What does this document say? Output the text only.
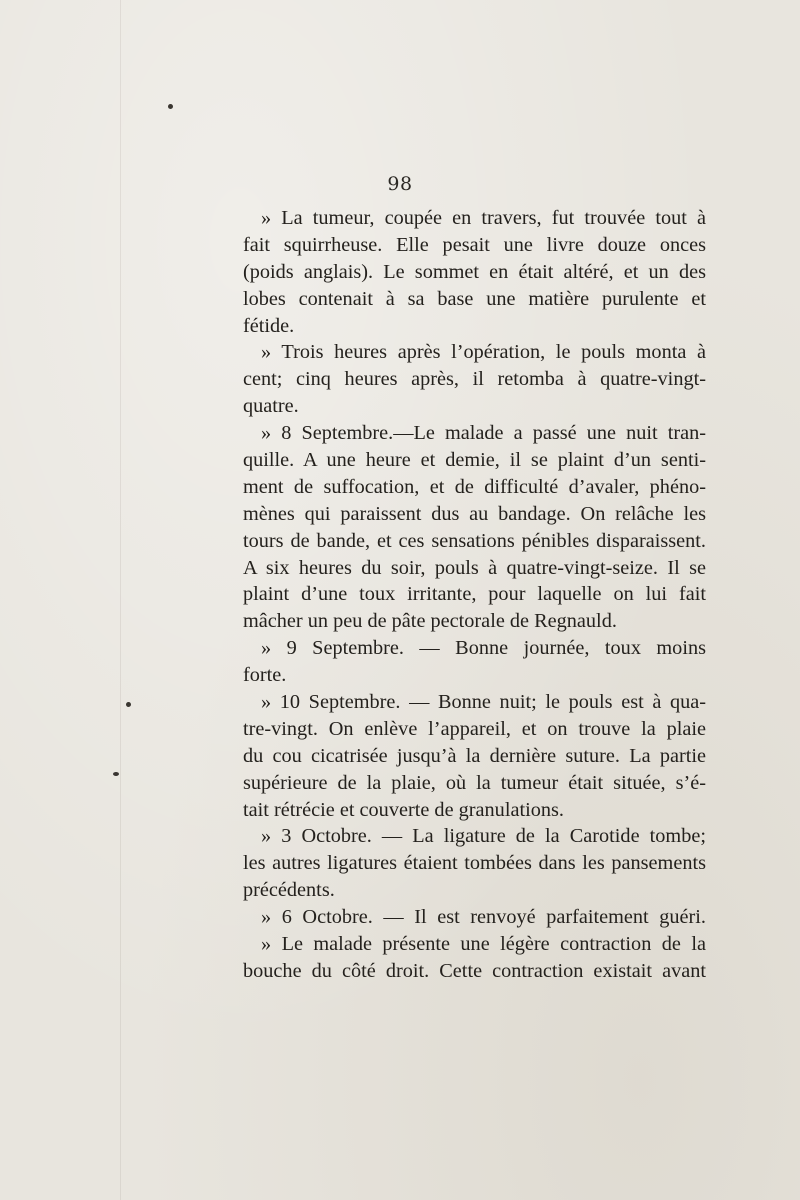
98
» La tumeur, coupée en travers, fut trouvée tout à
fait squirrheuse. Elle pesait une livre douze onces
(poids anglais). Le sommet en était altéré, et un des
lobes contenait à sa base une matière purulente et
fétide.
» Trois heures après l’opération, le pouls monta à
cent; cinq heures après, il retomba à quatre-vingt-
quatre.
» 8 Septembre.—Le malade a passé une nuit tran-
quille. A une heure et demie, il se plaint d’un senti-
ment de suffocation, et de difficulté d’avaler, phéno-
mènes qui paraissent dus au bandage. On relâche les
tours de bande, et ces sensations pénibles disparaissent.
A six heures du soir, pouls à quatre-vingt-seize. Il se
plaint d’une toux irritante, pour laquelle on lui fait
mâcher un peu de pâte pectorale de Regnauld.
» 9 Septembre. — Bonne journée, toux moins
forte.
» 10 Septembre. — Bonne nuit; le pouls est à qua-
tre-vingt. On enlève l’appareil, et on trouve la plaie
du cou cicatrisée jusqu’à la dernière suture. La partie
supérieure de la plaie, où la tumeur était située, s’é-
tait rétrécie et couverte de granulations.
» 3 Octobre. — La ligature de la Carotide tombe;
les autres ligatures étaient tombées dans les pansements
précédents.
» 6 Octobre. — Il est renvoyé parfaitement guéri.
» Le malade présente une légère contraction de la
bouche du côté droit. Cette contraction existait avant
